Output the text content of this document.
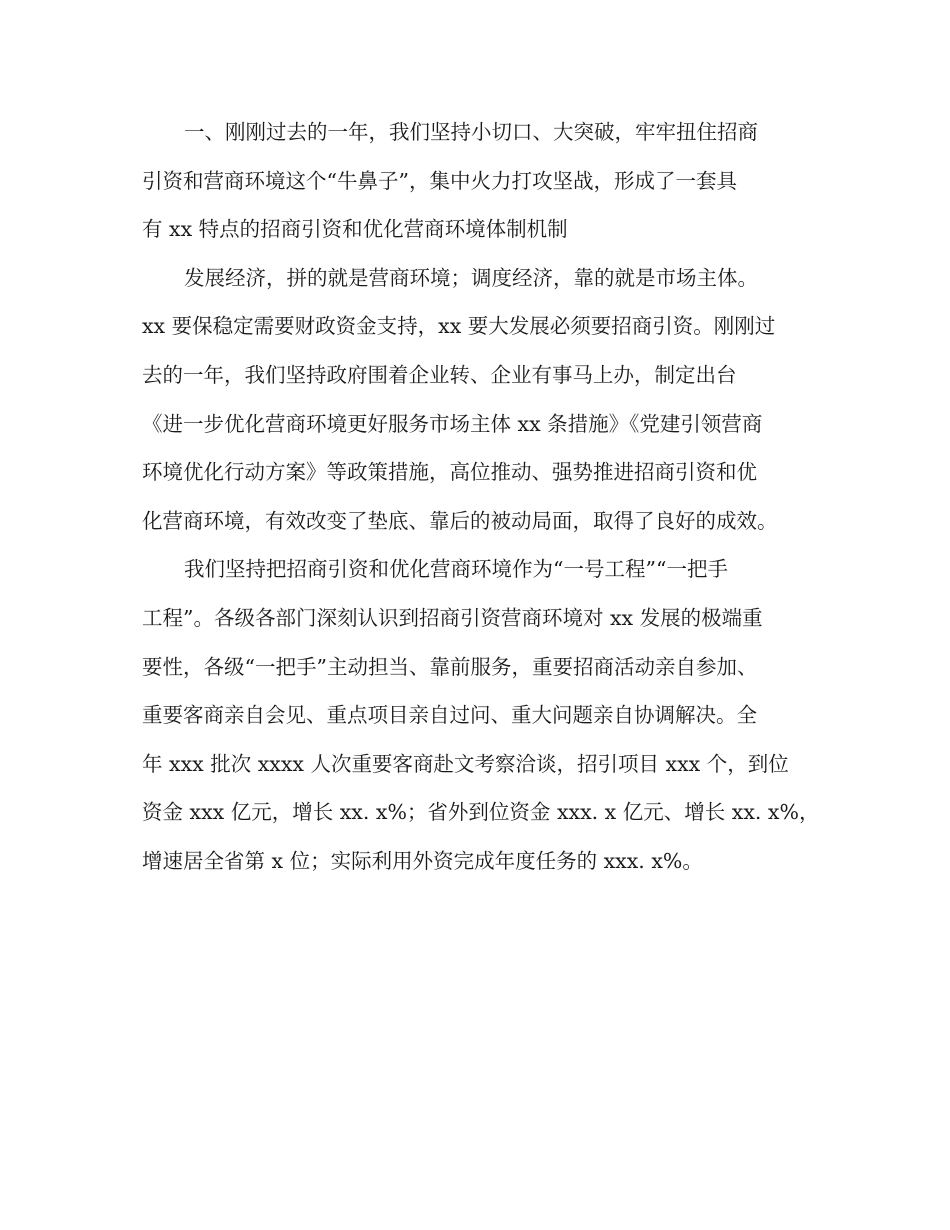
一、刚刚过去的一年，我们坚持小切口、大突破，牢牢扭住招商
引资和营商环境这个“牛鼻子”，集中火力打攻坚战，形成了一套具
有 xx 特点的招商引资和优化营商环境体制机制
发展经济，拼的就是营商环境；调度经济，靠的就是市场主体。
xx 要保稳定需要财政资金支持，xx 要大发展必须要招商引资。刚刚过
去的一年，我们坚持政府围着企业转、企业有事马上办，制定出台
《进一步优化营商环境更好服务市场主体 xx 条措施》《党建引领营商
环境优化行动方案》等政策措施，高位推动、强势推进招商引资和优
化营商环境，有效改变了垫底、靠后的被动局面，取得了良好的成效。
我们坚持把招商引资和优化营商环境作为“一号工程”“一把手
工程”。各级各部门深刻认识到招商引资营商环境对 xx 发展的极端重
要性，各级“一把手”主动担当、靠前服务，重要招商活动亲自参加、
重要客商亲自会见、重点项目亲自过问、重大问题亲自协调解决。全
年 xxx 批次 xxxx 人次重要客商赴文考察洽谈，招引项目 xxx 个，到位
资金 xxx 亿元，增长 xx. x%；省外到位资金 xxx. x 亿元、增长 xx. x%，
增速居全省第 x 位；实际利用外资完成年度任务的 xxx. x%。
